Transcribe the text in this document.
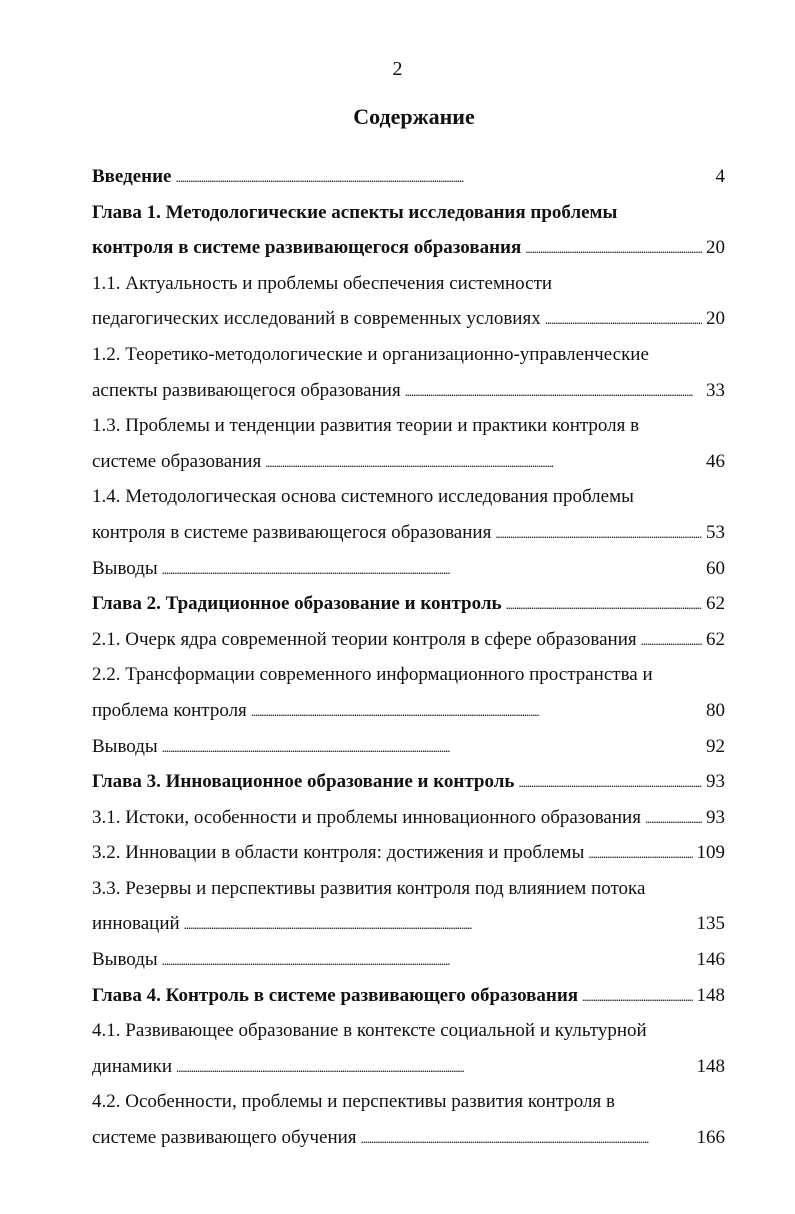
2
Содержание
Введение . . .	4
Глава 1. Методологические аспекты исследования проблемы
контроля в системе развивающегося образования . . .	20
1.1. Актуальность и проблемы обеспечения системности
педагогических исследований в современных условиях . . .	20
1.2. Теоретико-методологические и организационно-управленческие
аспекты развивающегося образования . . .	33
1.3. Проблемы и тенденции развития теории и практики контроля в
системе образования . . .	46
1.4. Методологическая основа системного исследования проблемы
контроля в системе развивающегося образования . . .	53
Выводы . . .	60
Глава 2. Традиционное образование и контроль . . .	62
2.1. Очерк ядра современной теории контроля в сфере образования . . .	62
2.2. Трансформации современного информационного пространства и
проблема контроля . . .	80
Выводы . . .	92
Глава 3. Инновационное образование и контроль . . .	93
3.1. Истоки, особенности и проблемы инновационного образования . . .	93
3.2. Инновации в области контроля: достижения и проблемы . . .	109
3.3. Резервы и перспективы развития контроля под влиянием потока
инноваций . . .	135
Выводы . . .	146
Глава 4. Контроль в системе развивающего образования . . .	148
4.1. Развивающее образование в контексте социальной и культурной
динамики . . .	148
4.2. Особенности, проблемы и перспективы развития контроля в
системе развивающего обучения . . .	166
